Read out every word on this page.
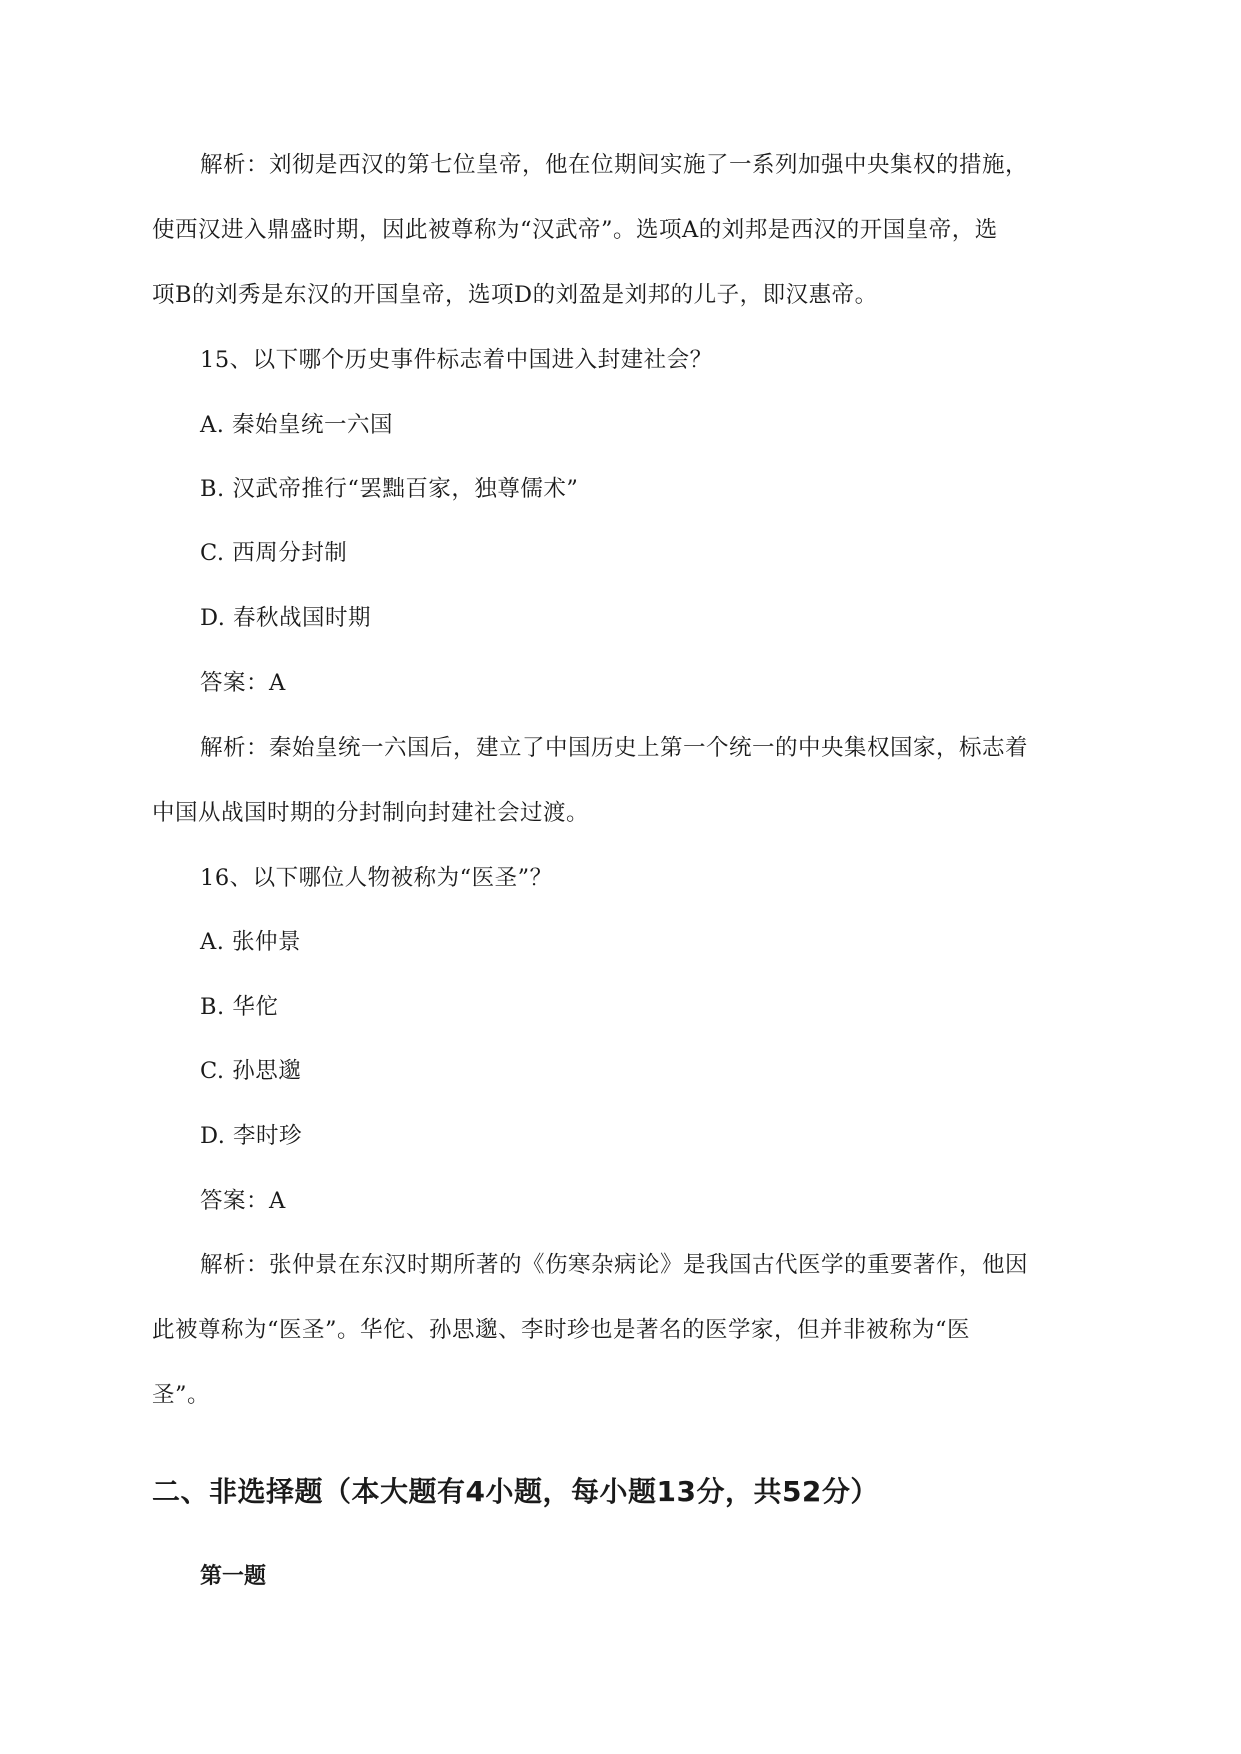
解析：刘彻是西汉的第七位皇帝，他在位期间实施了一系列加强中央集权的措施，
使西汉进入鼎盛时期，因此被尊称为“汉武帝”。选项A的刘邦是西汉的开国皇帝，选
项B的刘秀是东汉的开国皇帝，选项D的刘盈是刘邦的儿子，即汉惠帝。
15、以下哪个历史事件标志着中国进入封建社会？
A. 秦始皇统一六国
B. 汉武帝推行“罢黜百家，独尊儒术”
C. 西周分封制
D. 春秋战国时期
答案：A
解析：秦始皇统一六国后，建立了中国历史上第一个统一的中央集权国家，标志着
中国从战国时期的分封制向封建社会过渡。
16、以下哪位人物被称为“医圣”？
A. 张仲景
B. 华佗
C. 孙思邈
D. 李时珍
答案：A
解析：张仲景在东汉时期所著的《伤寒杂病论》是我国古代医学的重要著作，他因
此被尊称为“医圣”。华佗、孙思邈、李时珍也是著名的医学家，但并非被称为“医
圣”。
二、非选择题（本大题有4小题，每小题13分，共52分）
第一题
